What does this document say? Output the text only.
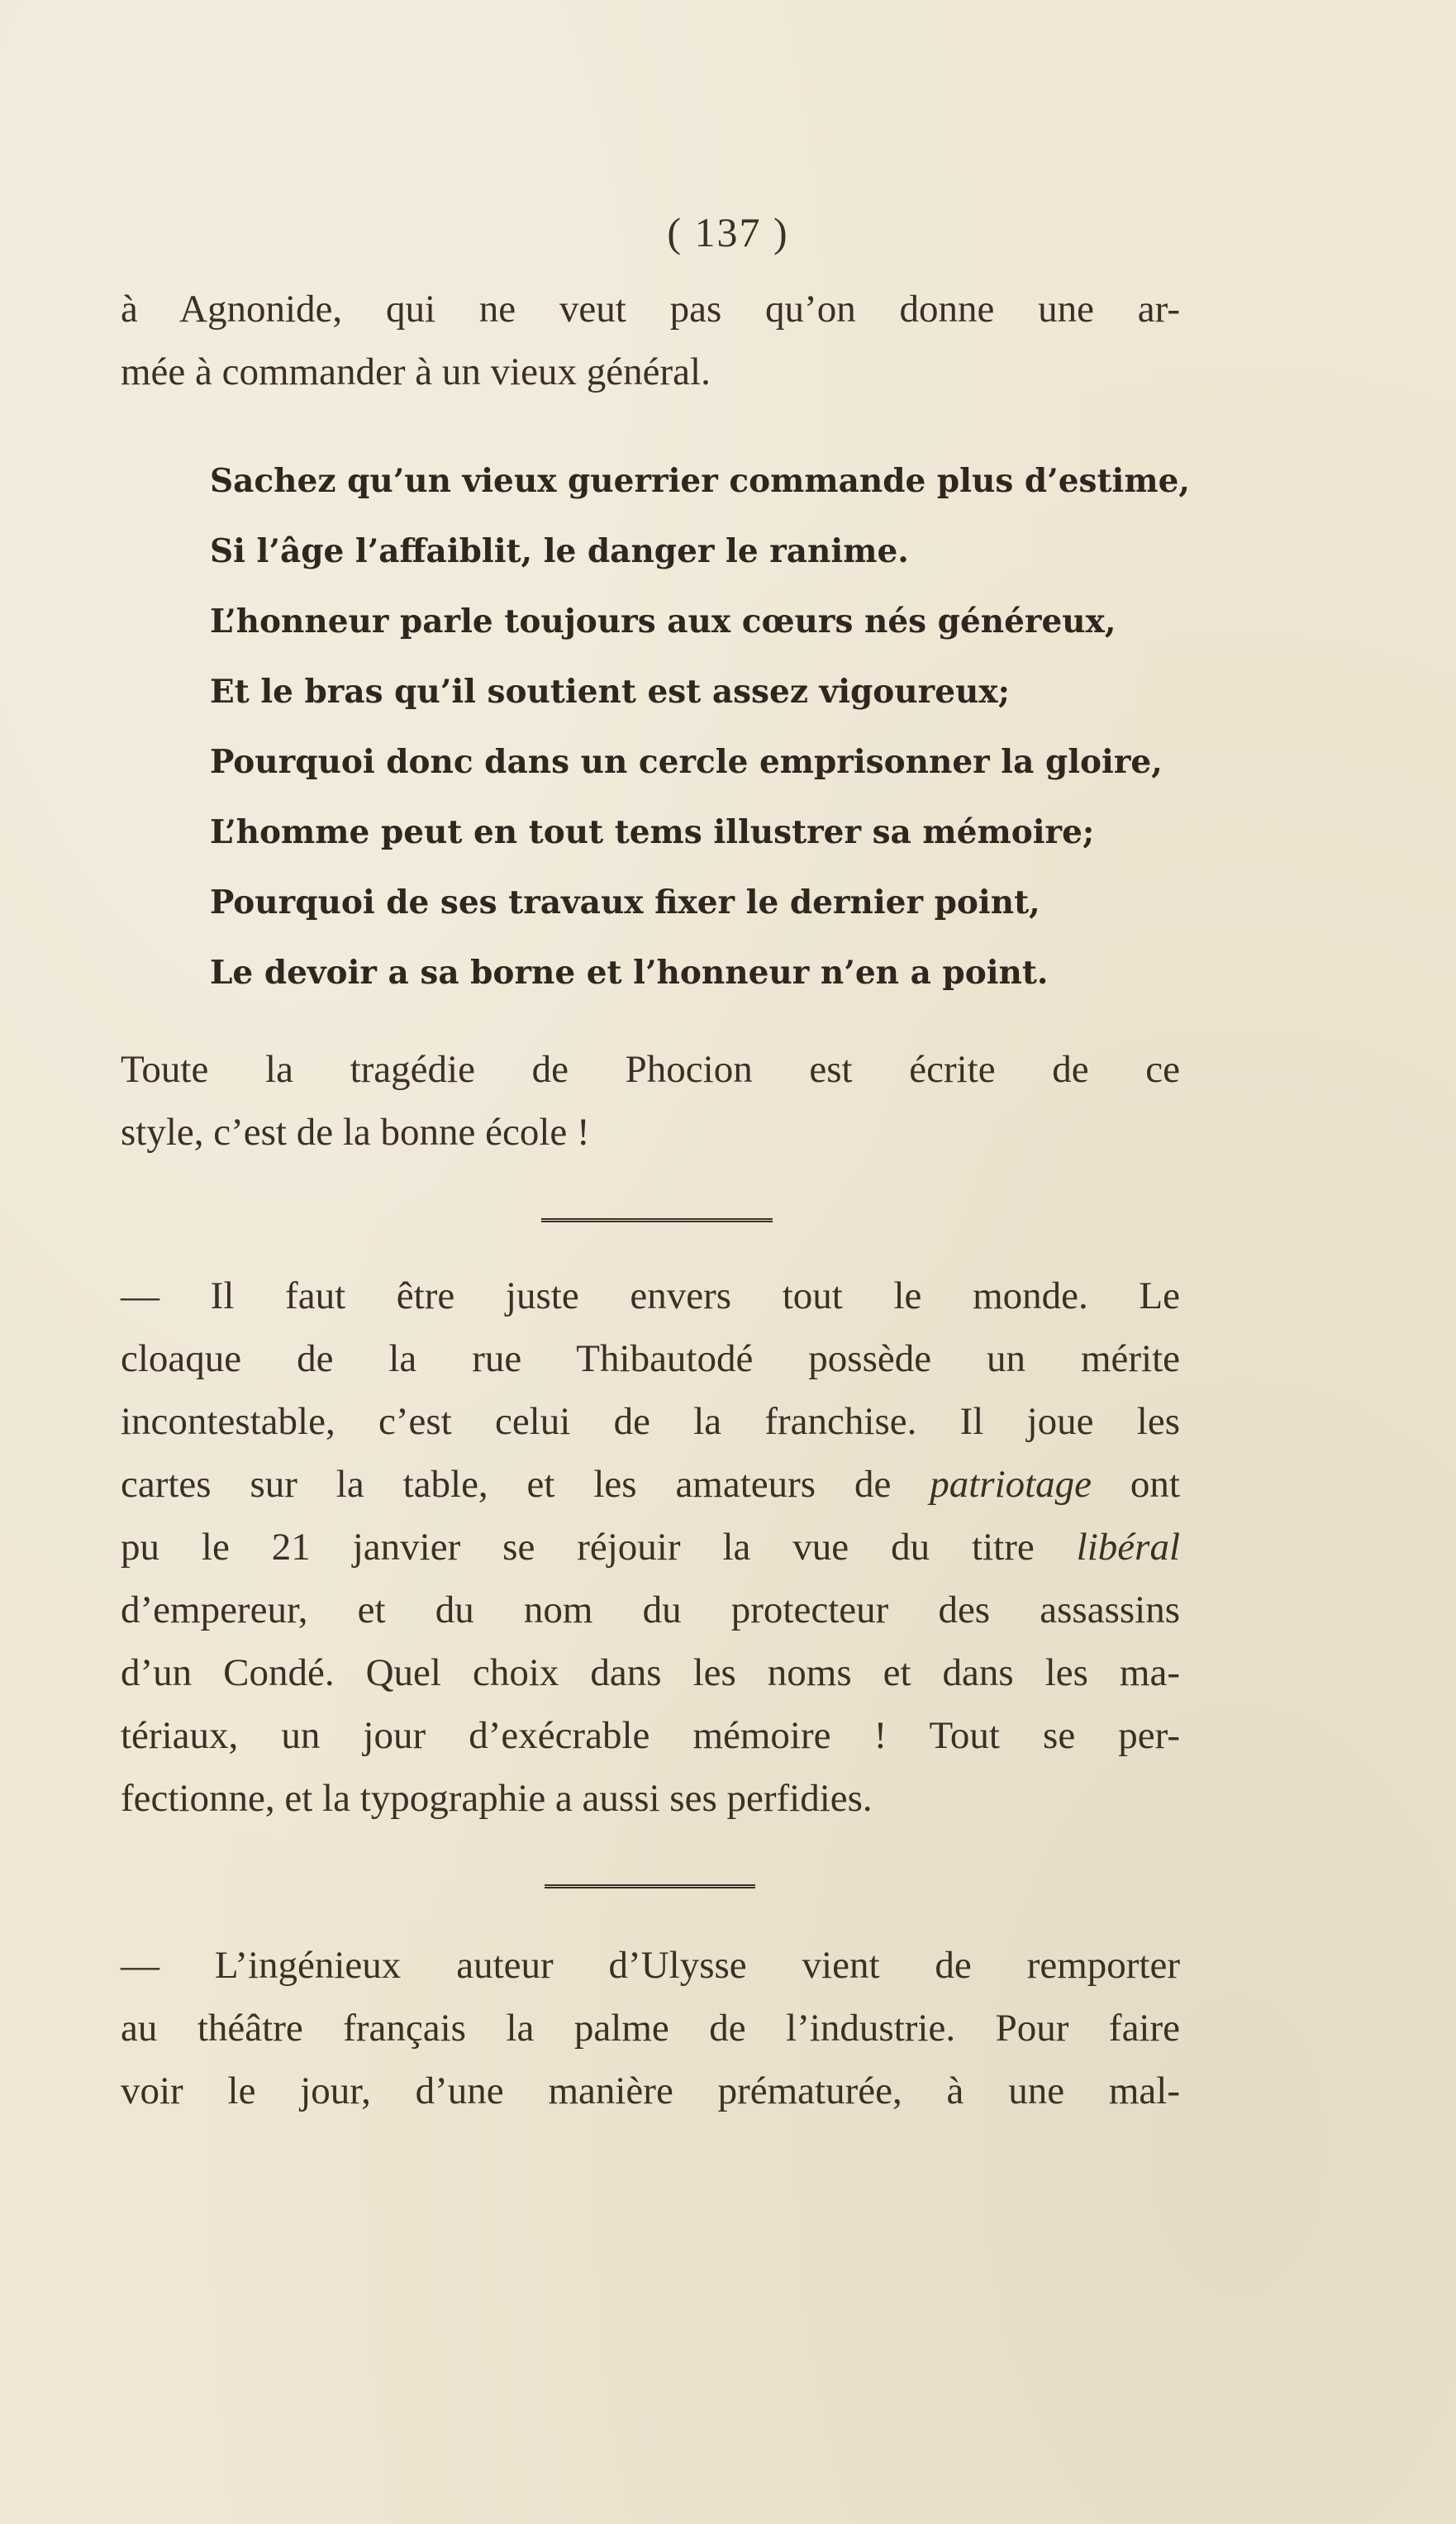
( 137 )

à Agnonide, qui ne veut pas qu’on donne une ar-
mée à commander à un vieux général.

Sachez qu’un vieux guerrier commande plus d’estime,
Si l’âge l’affaiblit, le danger le ranime.
L’honneur parle toujours aux cœurs nés généreux,
Et le bras qu’il soutient est assez vigoureux;
Pourquoi donc dans un cercle emprisonner la gloire,
L’homme peut en tout tems illustrer sa mémoire;
Pourquoi de ses travaux fixer le dernier point,
Le devoir a sa borne et l’honneur n’en a point.

Toute la tragédie de Phocion est écrite de ce
style, c’est de la bonne école !

— Il faut être juste envers tout le monde. Le
cloaque de la rue Thibautodé possède un mérite
incontestable, c’est celui de la franchise. Il joue les
cartes sur la table, et les amateurs de patriotage ont
pu le 21 janvier se réjouir la vue du titre libéral
d’empereur, et du nom du protecteur des assassins
d’un Condé. Quel choix dans les noms et dans les ma-
tériaux, un jour d’exécrable mémoire ! Tout se per-
fectionne, et la typographie a aussi ses perfidies.

— L’ingénieux auteur d’Ulysse vient de remporter
au théâtre français la palme de l’industrie. Pour faire
voir le jour, d’une manière prématurée, à une mal-
